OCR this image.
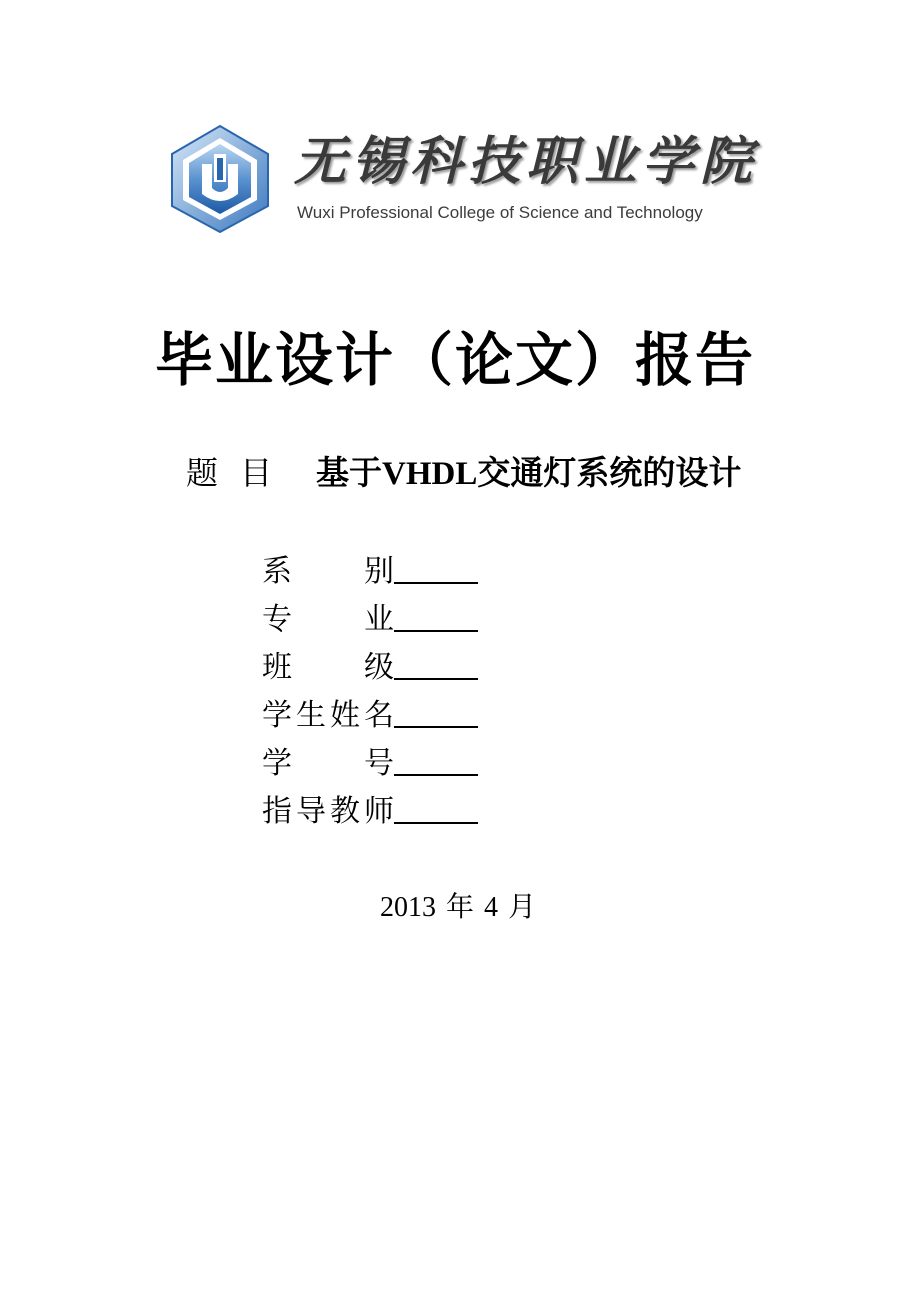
无锡科技职业学院
Wuxi Professional College of Science and Technology
毕业设计（论文）报告
题目 基于VHDL交通灯系统的设计
系别
专业
班级
学生姓名
学号
指导教师
2013 年 4 月
